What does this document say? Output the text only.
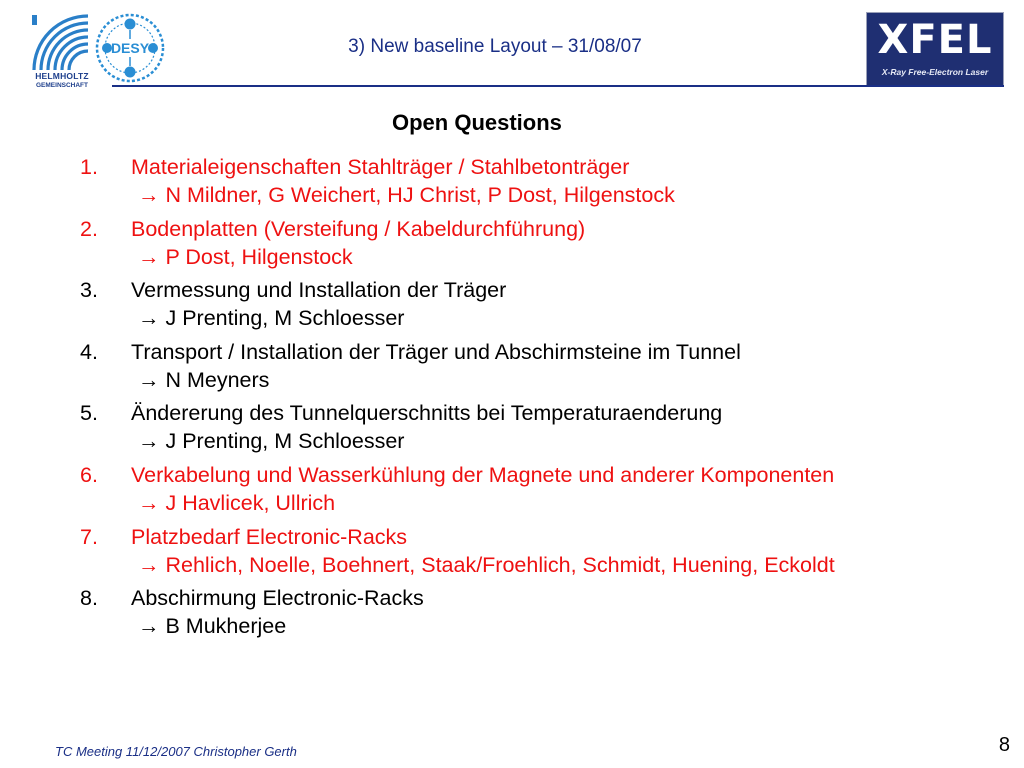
HELMHOLTZ
GEMEINSCHAFT
DESY	3) New baseline Layout – 31/08/07	XFEL
X-Ray Free-Electron Laser
Open Questions
1. Materialeigenschaften Stahlträger / Stahlbetonträger
→ N Mildner, G Weichert, HJ Christ, P Dost, Hilgenstock
2. Bodenplatten (Versteifung / Kabeldurchführung)
→ P Dost, Hilgenstock
3. Vermessung und Installation der Träger
→ J Prenting, M Schloesser
4. Transport / Installation der Träger und Abschirmsteine im Tunnel
→ N Meyners
5. Ändererung des Tunnelquerschnitts bei Temperaturaenderung
→ J Prenting, M Schloesser
6. Verkabelung und Wasserkühlung der Magnete und anderer Komponenten
→ J Havlicek, Ullrich
7. Platzbedarf Electronic-Racks
→ Rehlich, Noelle, Boehnert, Staak/Froehlich, Schmidt, Huening, Eckoldt
8. Abschirmung Electronic-Racks
→ B Mukherjee
TC Meeting 11/12/2007 Christopher Gerth	8
